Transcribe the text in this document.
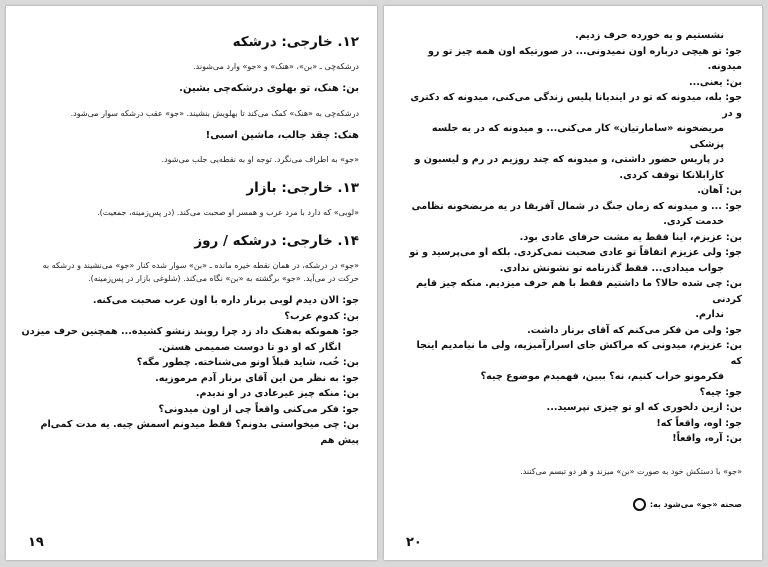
۱۲. خارجی: درشکه
درشکه‌چی ـ «بن»، «هنک» و «جو» وارد می‌شوند.
بن: هنک، تو بهلوی درشکه‌چی بشین.
درشکه‌چی به «هنک» کمک می‌کند تا بهلویش بنشیند. «جو» عقب درشکه سوار می‌شود.
هنک: چقد جالب، ماشین اسبی!
«جو» به اطراف می‌نگرد. توجه او به نقطه‌یی جلب می‌شود.
۱۳. خارجی: بازار
«لوبی» که دارد با مرد عرب و همسر او صحبت می‌کند. (در پس‌زمینه، جمعیت).
۱۴. خارجی: درشکه / روز
«جو» در درشکه، در همان نقطه خیره مانده ـ «بن» سوار شده کنار «جو» می‌نشیند و درشکه به حرکت در می‌آید. «جو» برگشته به «بن» نگاه می‌کند. (شلوغی بازار در پس‌زمینه).
جو: الان دیدم لوبی برنار داره با اون عرب صحبت می‌کنه.
بن: کدوم عرب؟
جو: همونکه به‌هنک داد زد چرا روبند زنشو کشیده... همچنین حرف میزدن
انگار که او دو تا دوست صمیمی هستن.
بن: خُب، شاید قبلاً اونو می‌شناخته. چطور مگه؟
جو: به نظر من این آقای برنار آدم مرموزیه.
بن: منکه چیز غیرعادی در او ندیدم.
جو: فکر می‌کنی واقعاً چی از اون میدونی؟
بن: چی میخواستی بدونم؟ فقط میدونم اسمش چیه. یه مدت کمی‌ام پیش هم
۱۹
نشستیم و یه خورده حرف زدیم.
جو: تو هیچی درباره اون نمیدونی... در صورتیکه اون همه چیز تو رو میدونه.
بن: یعنی...
جو: بله، میدونه که تو در ایندیانا پلیس زندگی می‌کنی، میدونه که دکتری و در
مریضخونه «سامارتیان» کار می‌کنی... و میدونه که در یه جلسه پزشکی
در پاریس حضور داشتی، و میدونه که چند روزیم در رم و لیسبون و
کازابلانکا توقف کردی.
بن: آهان.
جو: ... و میدونه که زمان جنگ در شمال آفریقا در یه مریضخونه نظامی
خدمت کردی.
بن: عزیزم، اینا فقط یه مشت حرفای عادی بود.
جو: ولی عزیزم اتفاقاً تو عادی صحبت نمی‌کردی. بلکه او می‌پرسید و تو
جواب میدادی... فقط گذرنامه تو نشونش ندادی.
بن: چی شده حالا؟ ما داشتیم فقط با هم حرف میزدیم. منکه چیز قایم کردنی
ندارم.
جو: ولی من فکر می‌کنم که آقای برنار داشت.
بن: عزیزم، میدونی که مراکش جای اسرارآمیزیه، ولی ما نیامدیم اینجا که
فکرمونو خراب کنیم، نه؟ ببین، فهمیدم موضوع چیه؟
جو: چیه؟
بن: ازین دلخوری که او تو چیزی نپرسید...
جو: اوه، واقعاً که!
بن: آره، واقعاً!
«جو» با دستکش خود به صورت «بن» میزند و هر دو تبسم می‌کنند.
صحنه «جو» می‌شود به:
۲۰
